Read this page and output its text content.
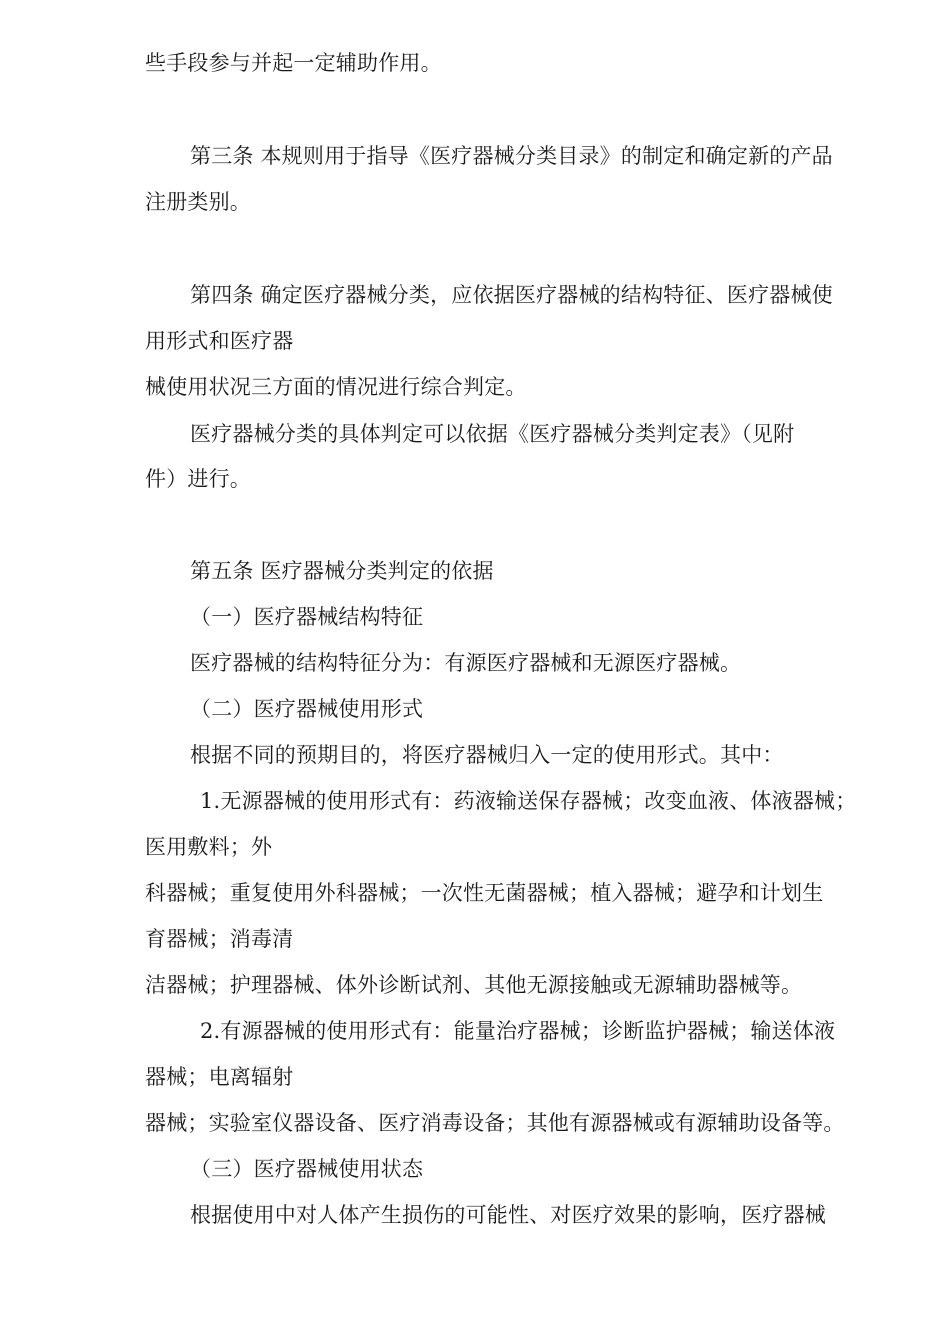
些手段参与并起一定辅助作用。
第三条 本规则用于指导《医疗器械分类目录》的制定和确定新的产品
注册类别。
第四条 确定医疗器械分类，应依据医疗器械的结构特征、医疗器械使
用形式和医疗器
械使用状况三方面的情况进行综合判定。
医疗器械分类的具体判定可以依据《医疗器械分类判定表》（见附
件）进行。
第五条 医疗器械分类判定的依据
（一）医疗器械结构特征
医疗器械的结构特征分为：有源医疗器械和无源医疗器械。
（二）医疗器械使用形式
根据不同的预期目的，将医疗器械归入一定的使用形式。其中：
1.无源器械的使用形式有：药液输送保存器械；改变血液、体液器械；
医用敷料；外
科器械；重复使用外科器械；一次性无菌器械；植入器械；避孕和计划生
育器械；消毒清
洁器械；护理器械、体外诊断试剂、其他无源接触或无源辅助器械等。
2.有源器械的使用形式有：能量治疗器械；诊断监护器械；输送体液
器械；电离辐射
器械；实验室仪器设备、医疗消毒设备；其他有源器械或有源辅助设备等。
（三）医疗器械使用状态
根据使用中对人体产生损伤的可能性、对医疗效果的影响，医疗器械
